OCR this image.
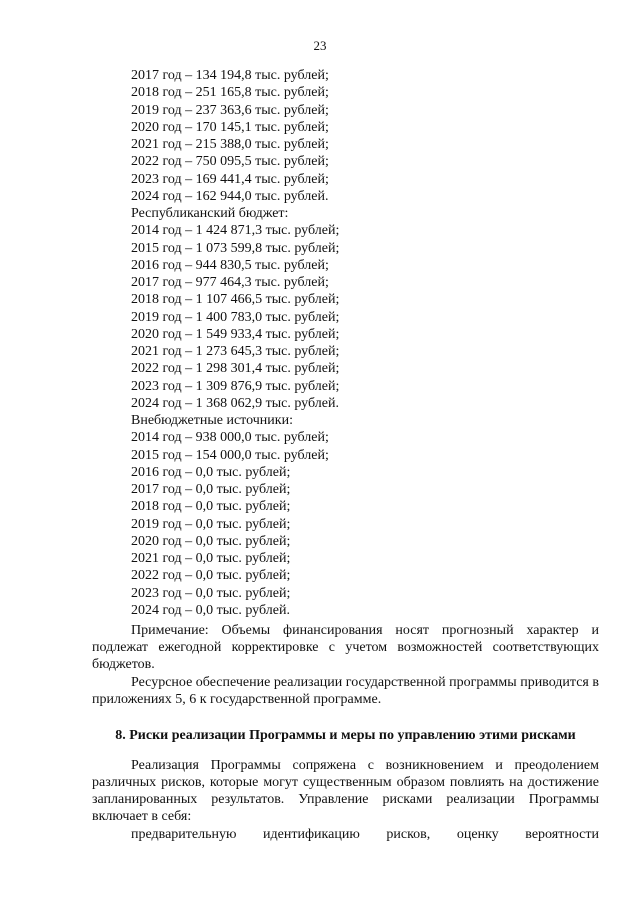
23
2017 год – 134 194,8 тыс. рублей;
2018 год – 251 165,8 тыс. рублей;
2019 год – 237 363,6 тыс. рублей;
2020 год – 170 145,1 тыс. рублей;
2021 год – 215 388,0 тыс. рублей;
2022 год – 750 095,5 тыс. рублей;
2023 год – 169 441,4 тыс. рублей;
2024 год – 162 944,0 тыс. рублей.
Республиканский бюджет:
2014 год – 1 424 871,3 тыс. рублей;
2015 год – 1 073 599,8 тыс. рублей;
2016 год – 944 830,5 тыс. рублей;
2017 год – 977 464,3 тыс. рублей;
2018 год – 1 107 466,5 тыс. рублей;
2019 год – 1 400 783,0 тыс. рублей;
2020 год – 1 549 933,4 тыс. рублей;
2021 год – 1 273 645,3 тыс. рублей;
2022 год – 1 298 301,4 тыс. рублей;
2023 год – 1 309 876,9 тыс. рублей;
2024 год – 1 368 062,9 тыс. рублей.
Внебюджетные источники:
2014 год – 938 000,0 тыс. рублей;
2015 год – 154 000,0 тыс. рублей;
2016 год – 0,0 тыс. рублей;
2017 год – 0,0 тыс. рублей;
2018 год – 0,0 тыс. рублей;
2019 год – 0,0 тыс. рублей;
2020 год – 0,0 тыс. рублей;
2021 год – 0,0 тыс. рублей;
2022 год – 0,0 тыс. рублей;
2023 год – 0,0 тыс. рублей;
2024 год – 0,0 тыс. рублей.
Примечание: Объемы финансирования носят прогнозный характер и подлежат ежегодной корректировке с учетом возможностей соответствующих бюджетов.
Ресурсное обеспечение реализации государственной программы приводится в приложениях 5, 6 к государственной программе.
8. Риски реализации Программы и меры по управлению этими рисками
Реализация Программы сопряжена с возникновением и преодолением различных рисков, которые могут существенным образом повлиять на достижение запланированных результатов. Управление рисками реализации Программы включает в себя:
предварительную идентификацию рисков, оценку вероятности
